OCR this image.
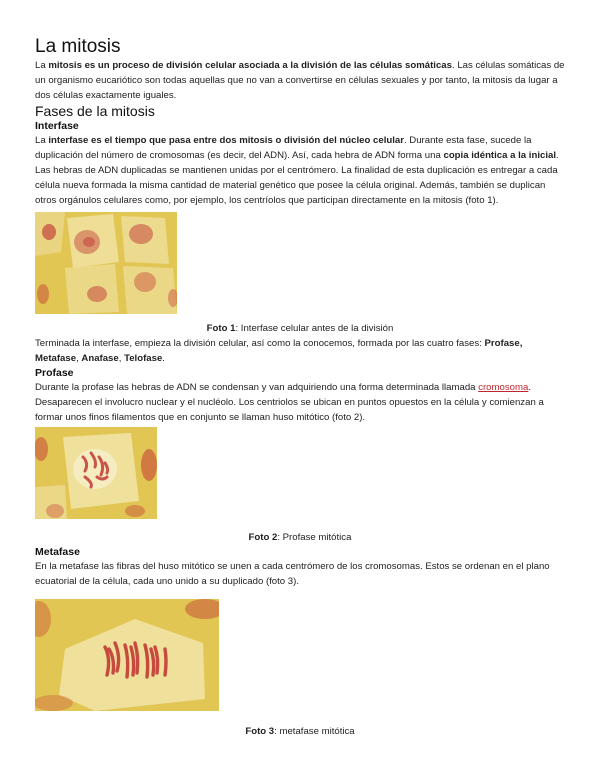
La mitosis

La mitosis es un proceso de división celular asociada a la división de las células somáticas. Las células somáticas de un organismo eucariótico son todas aquellas que no van a convertirse en células sexuales y por tanto, la mitosis da lugar a dos células exactamente iguales.

Fases de la mitosis
Interfase

La interfase es el tiempo que pasa entre dos mitosis o división del núcleo celular. Durante esta fase, sucede la duplicación del número de cromosomas (es decir, del ADN). Así, cada hebra de ADN forma una copia idéntica a la inicial. Las hebras de ADN duplicadas se mantienen unidas por el centrómero. La finalidad de esta duplicación es entregar a cada célula nueva formada la misma cantidad de material genético que posee la célula original. Además, también se duplican otros orgánulos celulares como, por ejemplo, los centríolos que participan directamente en la mitosis (foto 1).

Foto 1: Interfase celular antes de la división

Terminada la interfase, empieza la división celular, así como la conocemos, formada por las cuatro fases: Profase, Metafase, Anafase, Telofase.

Profase

Durante la profase las hebras de ADN se condensan y van adquiriendo una forma determinada llamada cromosoma. Desaparecen el involucro nuclear y el nucléolo. Los centriolos se ubican en puntos opuestos en la célula y comienzan a formar unos finos filamentos que en conjunto se llaman huso mitótico (foto 2).

Foto 2: Profase mitótica

Metafase

En la metafase las fibras del huso mitótico se unen a cada centrómero de los cromosomas. Estos se ordenan en el plano ecuatorial de la célula, cada uno unido a su duplicado (foto 3).

Foto 3: metafase mitótica
